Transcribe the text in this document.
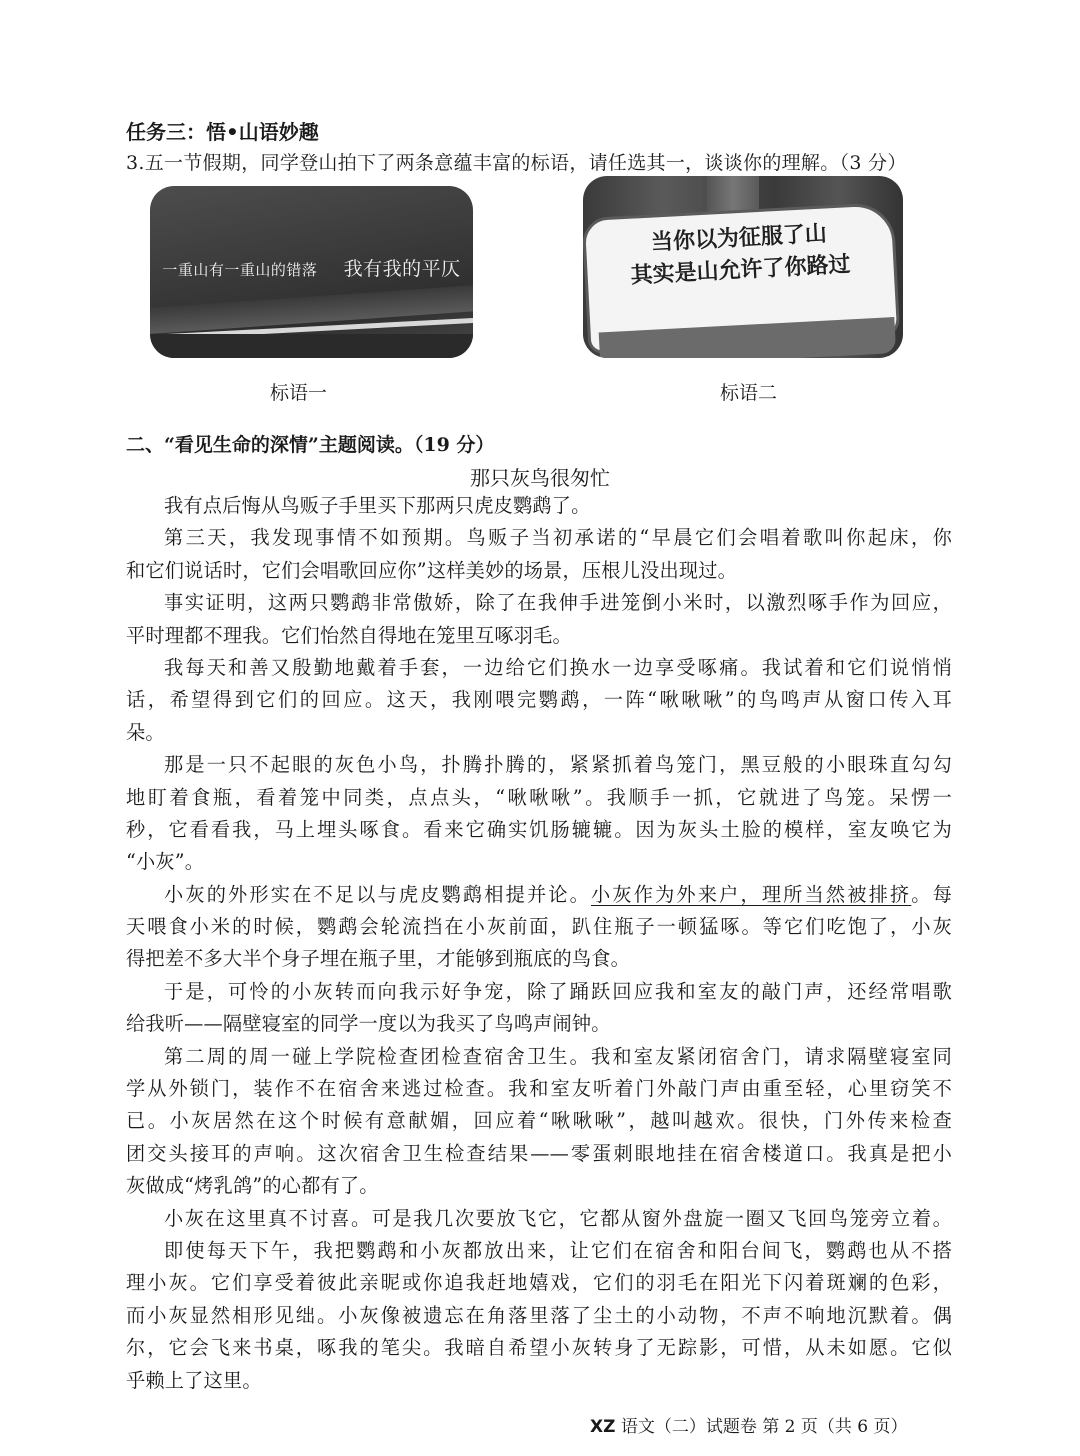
任务三：悟•山语妙趣
3.五一节假期，同学登山拍下了两条意蕴丰富的标语，请任选其一，谈谈你的理解。（3 分）
一重山有一重山的错落 我有我的平仄
当你以为征服了山
其实是山允许了你路过
标语一	标语二
二、“看见生命的深情”主题阅读。（19 分）
那只灰鸟很匆忙
我有点后悔从鸟贩子手里买下那两只虎皮鹦鹉了。
第三天，我发现事情不如预期。鸟贩子当初承诺的“早晨它们会唱着歌叫你起床，你
和它们说话时，它们会唱歌回应你”这样美妙的场景，压根儿没出现过。
事实证明，这两只鹦鹉非常傲娇，除了在我伸手进笼倒小米时，以激烈啄手作为回应，
平时理都不理我。它们怡然自得地在笼里互啄羽毛。
我每天和善又殷勤地戴着手套，一边给它们换水一边享受啄痛。我试着和它们说悄悄
话，希望得到它们的回应。这天，我刚喂完鹦鹉，一阵“啾啾啾”的鸟鸣声从窗口传入耳
朵。
那是一只不起眼的灰色小鸟，扑腾扑腾的，紧紧抓着鸟笼门，黑豆般的小眼珠直勾勾
地盯着食瓶，看着笼中同类，点点头，“啾啾啾”。我顺手一抓，它就进了鸟笼。呆愣一
秒，它看看我，马上埋头啄食。看来它确实饥肠辘辘。因为灰头土脸的模样，室友唤它为
“小灰”。
小灰的外形实在不足以与虎皮鹦鹉相提并论。小灰作为外来户，理所当然被排挤。每
天喂食小米的时候，鹦鹉会轮流挡在小灰前面，趴住瓶子一顿猛啄。等它们吃饱了，小灰
得把差不多大半个身子埋在瓶子里，才能够到瓶底的鸟食。
于是，可怜的小灰转而向我示好争宠，除了踊跃回应我和室友的敲门声，还经常唱歌
给我听——隔壁寝室的同学一度以为我买了鸟鸣声闹钟。
第二周的周一碰上学院检查团检查宿舍卫生。我和室友紧闭宿舍门，请求隔壁寝室同
学从外锁门，装作不在宿舍来逃过检查。我和室友听着门外敲门声由重至轻，心里窃笑不
已。小灰居然在这个时候有意献媚，回应着“啾啾啾”，越叫越欢。很快，门外传来检查
团交头接耳的声响。这次宿舍卫生检查结果——零蛋刺眼地挂在宿舍楼道口。我真是把小
灰做成“烤乳鸽”的心都有了。
小灰在这里真不讨喜。可是我几次要放飞它，它都从窗外盘旋一圈又飞回鸟笼旁立着。
即使每天下午，我把鹦鹉和小灰都放出来，让它们在宿舍和阳台间飞，鹦鹉也从不搭
理小灰。它们享受着彼此亲昵或你追我赶地嬉戏，它们的羽毛在阳光下闪着斑斓的色彩，
而小灰显然相形见绌。小灰像被遗忘在角落里落了尘土的小动物，不声不响地沉默着。偶
尔，它会飞来书桌，啄我的笔尖。我暗自希望小灰转身了无踪影，可惜，从未如愿。它似
乎赖上了这里。
XZ 语文（二）试题卷 第 2 页（共 6 页）
